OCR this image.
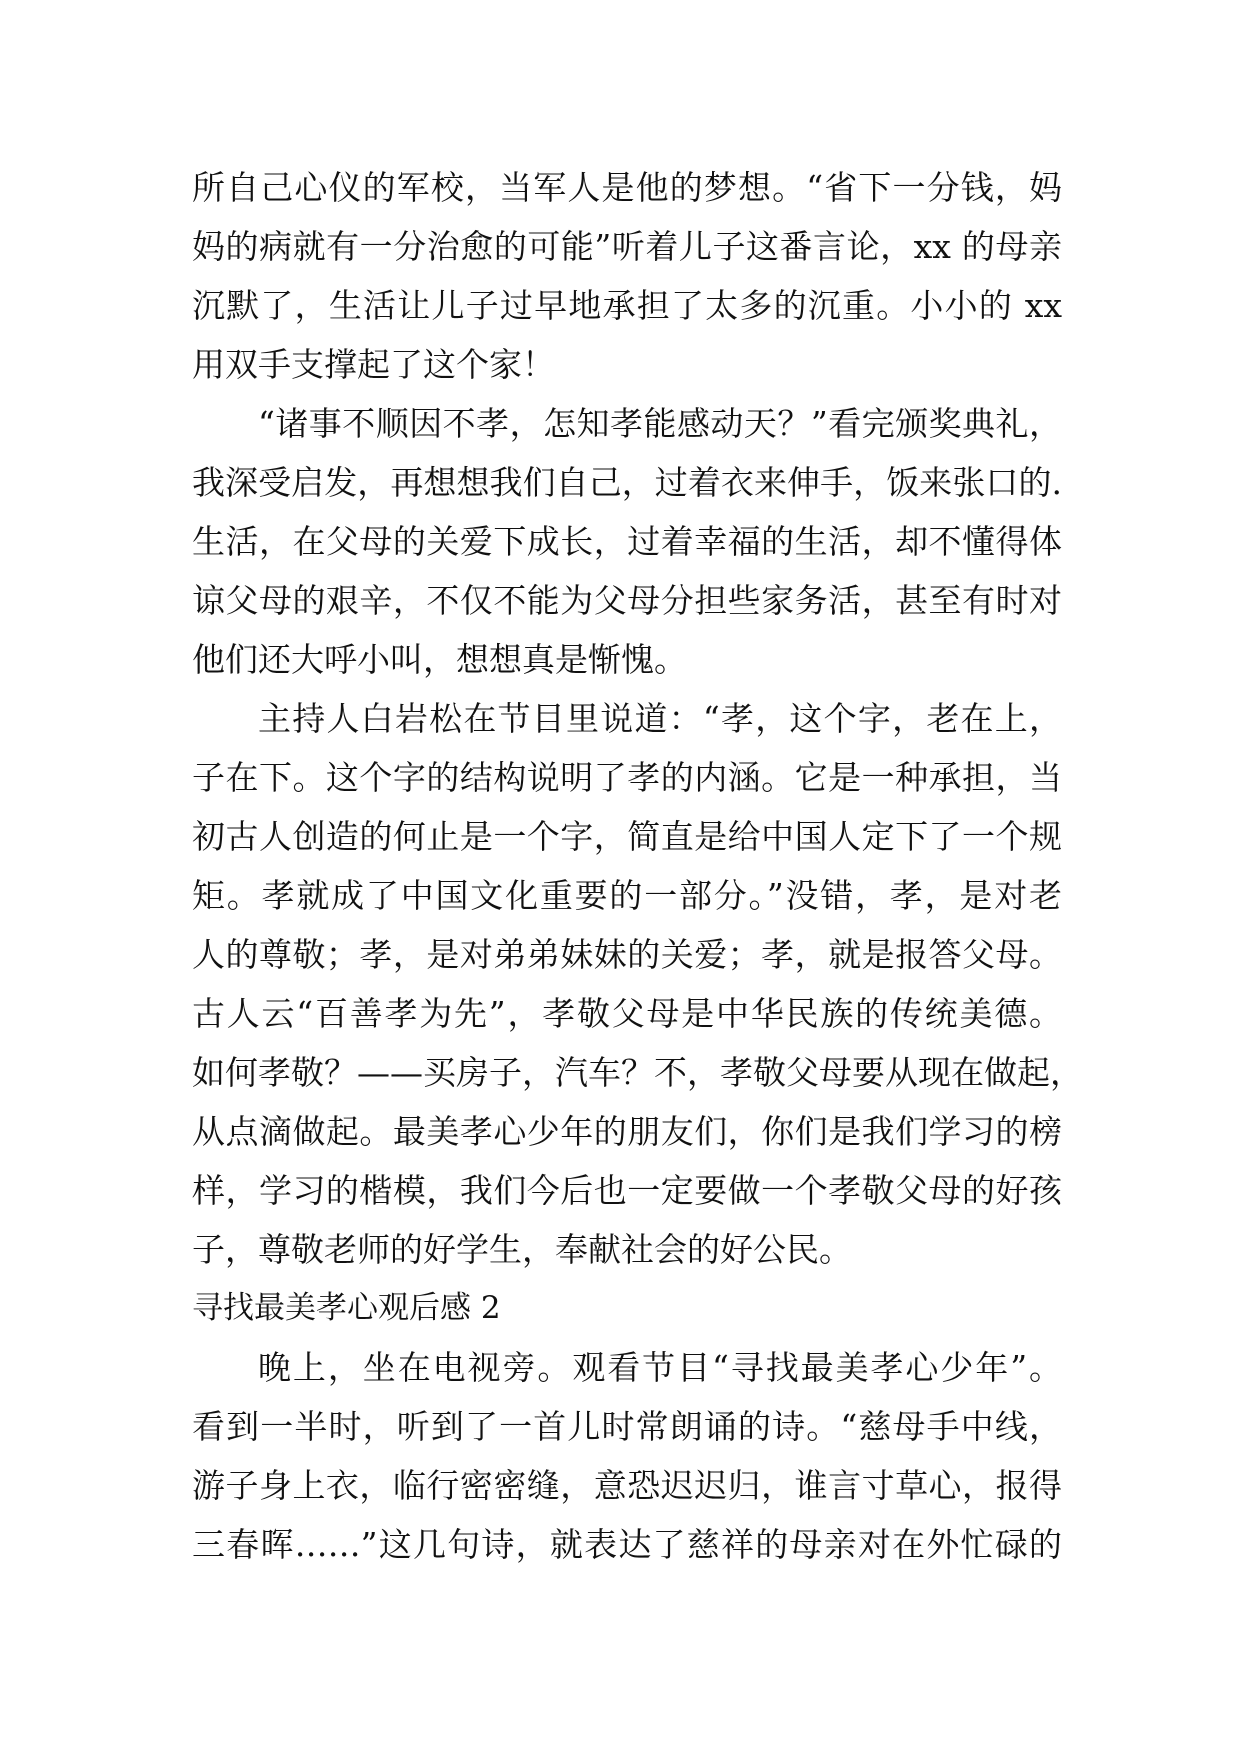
所自己心仪的军校，当军人是他的梦想。“省下一分钱，妈
妈的病就有一分治愈的可能”听着儿子这番言论，xx 的母亲
沉默了，生活让儿子过早地承担了太多的沉重。小小的 xx
用双手支撑起了这个家！
“诸事不顺因不孝，怎知孝能感动天？”看完颁奖典礼，
我深受启发，再想想我们自己，过着衣来伸手，饭来张口的.
生活，在父母的关爱下成长，过着幸福的生活，却不懂得体
谅父母的艰辛，不仅不能为父母分担些家务活，甚至有时对
他们还大呼小叫，想想真是惭愧。
主持人白岩松在节目里说道：“孝，这个字，老在上，
子在下。这个字的结构说明了孝的内涵。它是一种承担，当
初古人创造的何止是一个字，简直是给中国人定下了一个规
矩。孝就成了中国文化重要的一部分。”没错，孝，是对老
人的尊敬；孝，是对弟弟妹妹的关爱；孝，就是报答父母。
古人云“百善孝为先”，孝敬父母是中华民族的传统美德。
如何孝敬？——买房子，汽车？不，孝敬父母要从现在做起，
从点滴做起。最美孝心少年的朋友们，你们是我们学习的榜
样，学习的楷模，我们今后也一定要做一个孝敬父母的好孩
子，尊敬老师的好学生，奉献社会的好公民。
寻找最美孝心观后感 2
晚上，坐在电视旁。观看节目“寻找最美孝心少年”。
看到一半时，听到了一首儿时常朗诵的诗。“慈母手中线，
游子身上衣，临行密密缝，意恐迟迟归，谁言寸草心，报得
三春晖……”这几句诗，就表达了慈祥的母亲对在外忙碌的
